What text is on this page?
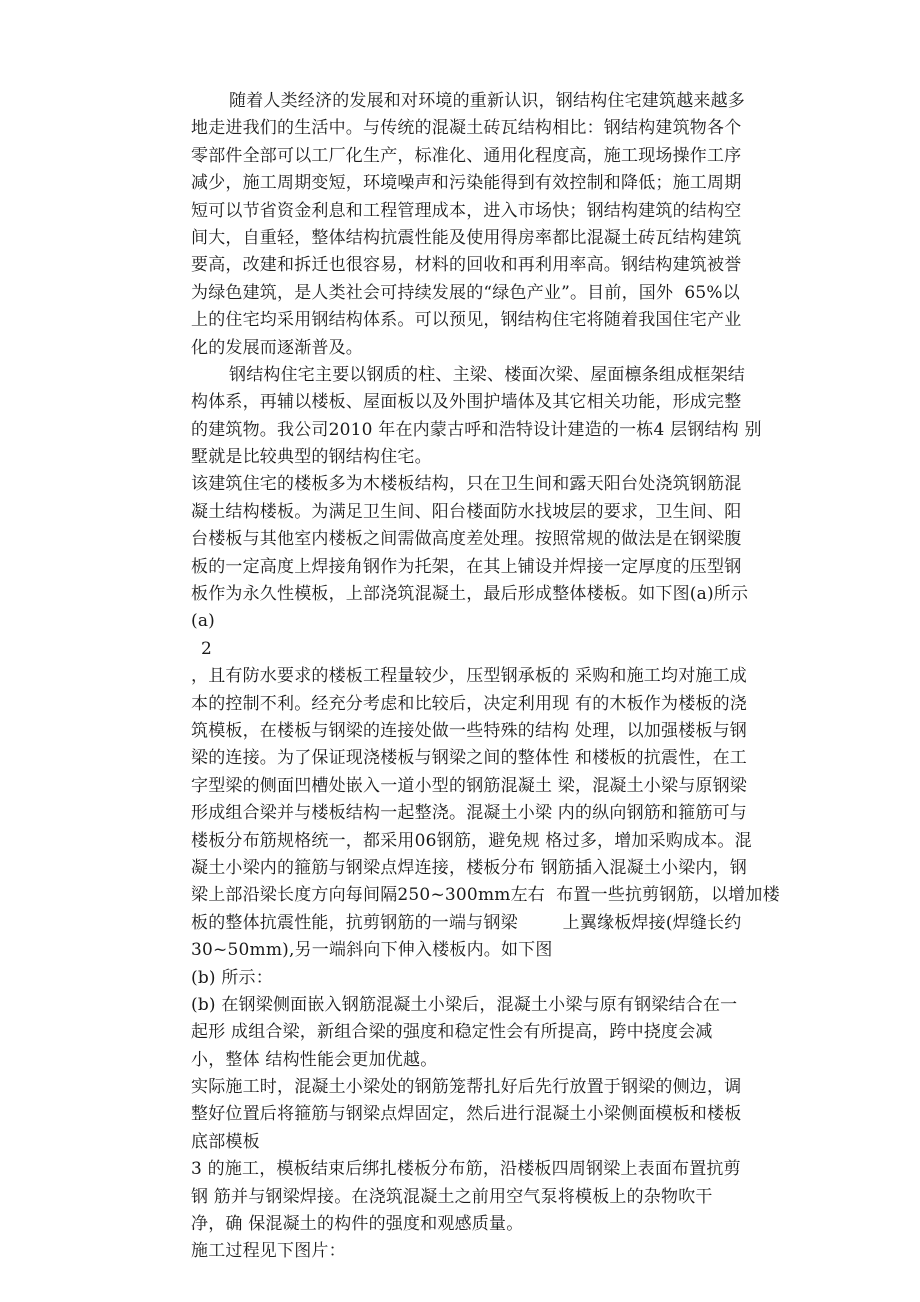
随着人类经济的发展和对环境的重新认识，钢结构住宅建筑越来越多
地走进我们的生活中。与传统的混凝土砖瓦结构相比：钢结构建筑物各个
零部件全部可以工厂化生产，标准化、通用化程度高，施工现场操作工序
减少，施工周期变短，环境噪声和污染能得到有效控制和降低；施工周期
短可以节省资金利息和工程管理成本，进入市场快；钢结构建筑的结构空
间大，自重轻，整体结构抗震性能及使用得房率都比混凝土砖瓦结构建筑
要高，改建和拆迁也很容易，材料的回收和再利用率高。钢结构建筑被誉
为绿色建筑，是人类社会可持续发展的“绿色产业”。目前，国外  65%以
上的住宅均采用钢结构体系。可以预见，钢结构住宅将随着我国住宅产业
化的发展而逐渐普及。
钢结构住宅主要以钢质的柱、主梁、楼面次梁、屋面檩条组成框架结
构体系，再辅以楼板、屋面板以及外围护墙体及其它相关功能，形成完整
的建筑物。我公司2010 年在内蒙古呼和浩特设计建造的一栋4 层钢结构 别
墅就是比较典型的钢结构住宅。
该建筑住宅的楼板多为木楼板结构，只在卫生间和露天阳台处浇筑钢筋混
凝土结构楼板。为满足卫生间、阳台楼面防水找坡层的要求，卫生间、阳
台楼板与其他室内楼板之间需做高度差处理。按照常规的做法是在钢梁腹
板的一定高度上焊接角钢作为托架，在其上铺设并焊接一定厚度的压型钢
板作为永久性模板，上部浇筑混凝土，最后形成整体楼板。如下图(a)所示
(a)
2
，且有防水要求的楼板工程量较少，压型钢承板的 采购和施工均对施工成
本的控制不利。经充分考虑和比较后，决定利用现 有的木板作为楼板的浇
筑模板，在楼板与钢梁的连接处做一些特殊的结构 处理，以加强楼板与钢
梁的连接。为了保证现浇楼板与钢梁之间的整体性 和楼板的抗震性，在工
字型梁的侧面凹槽处嵌入一道小型的钢筋混凝土 梁，混凝土小梁与原钢梁
形成组合梁并与楼板结构一起整浇。混凝土小梁 内的纵向钢筋和箍筋可与
楼板分布筋规格统一，都采用06钢筋，避免规 格过多，增加采购成本。混
凝土小梁内的箍筋与钢梁点焊连接，楼板分布 钢筋插入混凝土小梁内，钢
梁上部沿梁长度方向每间隔250~300mm左右  布置一些抗剪钢筋，以增加楼
板的整体抗震性能，抗剪钢筋的一端与钢梁        上翼缘板焊接(焊缝长约
30~50mm),另一端斜向下伸入楼板内。如下图
(b) 所示：
(b) 在钢梁侧面嵌入钢筋混凝土小梁后，混凝土小梁与原有钢梁结合在一
起形 成组合梁，新组合梁的强度和稳定性会有所提高，跨中挠度会减
小，整体 结构性能会更加优越。
实际施工时，混凝土小梁处的钢筋笼帮扎好后先行放置于钢梁的侧边，调
整好位置后将箍筋与钢梁点焊固定，然后进行混凝土小梁侧面模板和楼板
底部模板
3 的施工，模板结束后绑扎楼板分布筋，沿楼板四周钢梁上表面布置抗剪
钢 筋并与钢梁焊接。在浇筑混凝土之前用空气泵将模板上的杂物吹干
净，确 保混凝土的构件的强度和观感质量。
施工过程见下图片：
